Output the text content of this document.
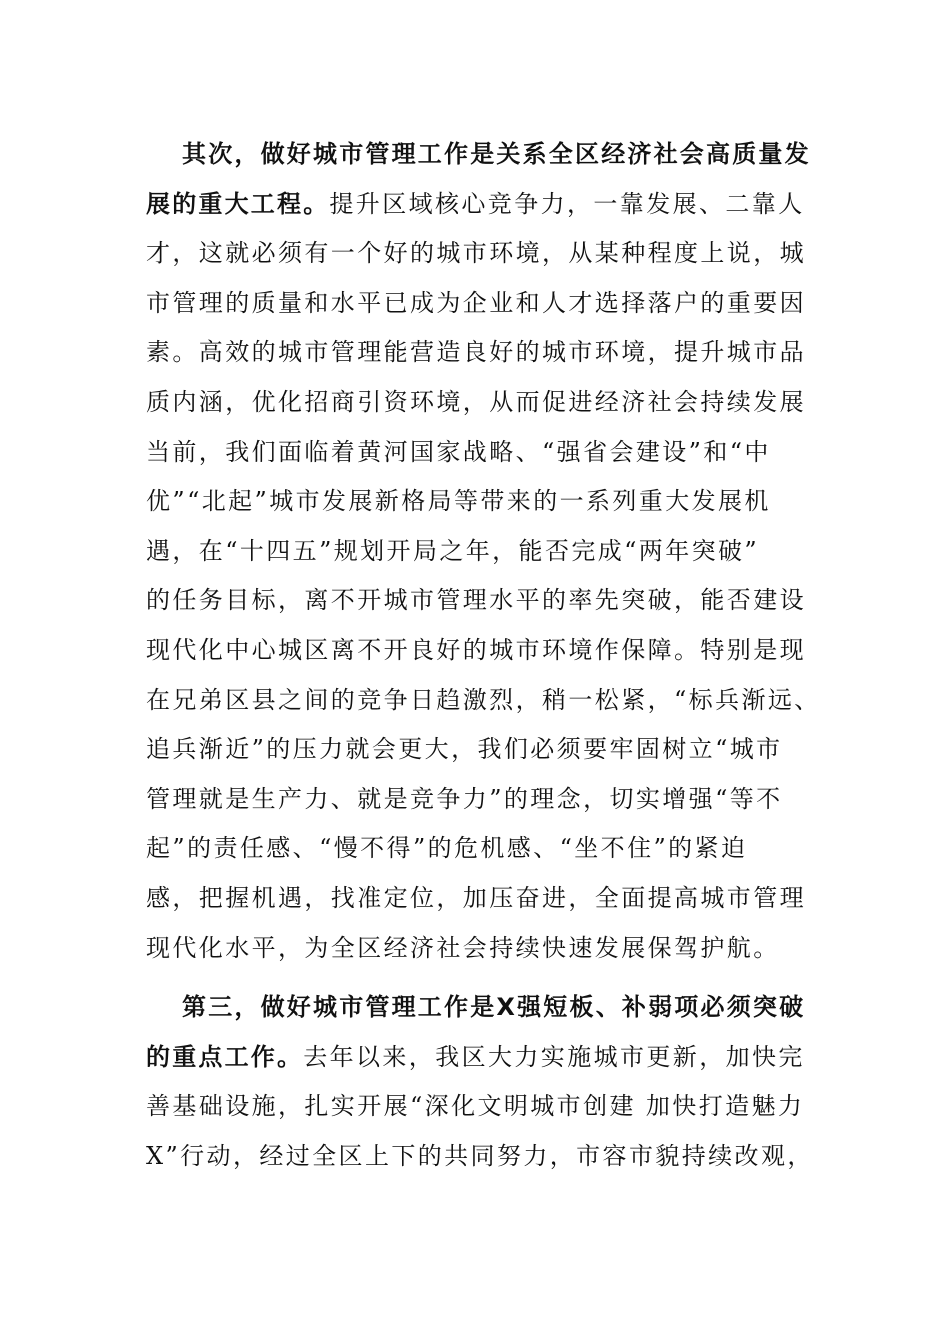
其次，做好城市管理工作是关系全区经济社会高质量发
展的重大工程。提升区域核心竞争力，一靠发展、二靠人
才，这就必须有一个好的城市环境，从某种程度上说，城
市管理的质量和水平已成为企业和人才选择落户的重要因
素。高效的城市管理能营造良好的城市环境，提升城市品
质内涵，优化招商引资环境，从而促进经济社会持续发展
当前，我们面临着黄河国家战略、“强省会建设”和“中
优”“北起”城市发展新格局等带来的一系列重大发展机
遇，在“十四五”规划开局之年，能否完成“两年突破”
的任务目标，离不开城市管理水平的率先突破，能否建设
现代化中心城区离不开良好的城市环境作保障。特别是现
在兄弟区县之间的竞争日趋激烈，稍一松紧，“标兵渐远、
追兵渐近”的压力就会更大，我们必须要牢固树立“城市
管理就是生产力、就是竞争力”的理念，切实增强“等不
起”的责任感、“慢不得”的危机感、“坐不住”的紧迫
感，把握机遇，找准定位，加压奋进，全面提高城市管理
现代化水平，为全区经济社会持续快速发展保驾护航。
第三，做好城市管理工作是X强短板、补弱项必须突破
的重点工作。去年以来，我区大力实施城市更新，加快完
善基础设施，扎实开展“深化文明城市创建 加快打造魅力
X”行动，经过全区上下的共同努力，市容市貌持续改观，
